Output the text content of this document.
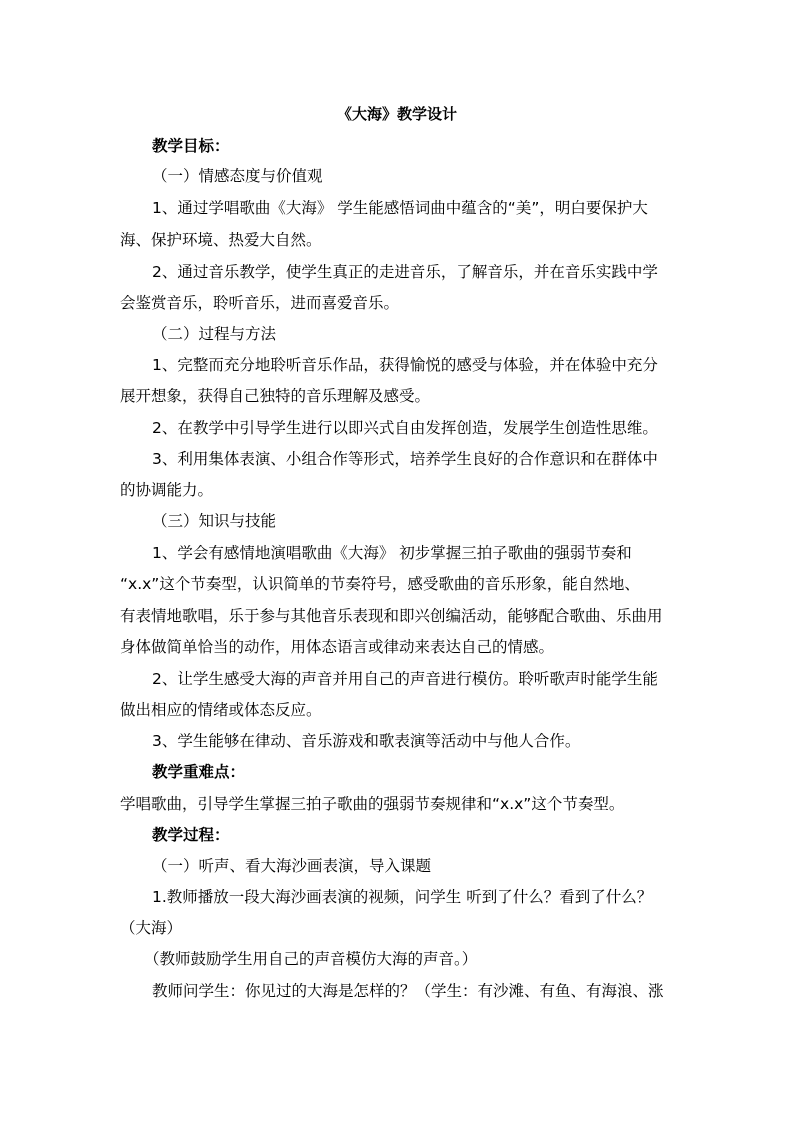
《大海》教学设计

教学目标：

（一）情感态度与价值观

1、通过学唱歌曲《大海》 学生能感悟词曲中蕴含的“美”，明白要保护大

海、保护环境、热爱大自然。

2、通过音乐教学，使学生真正的走进音乐，了解音乐，并在音乐实践中学

会鉴赏音乐，聆听音乐，进而喜爱音乐。

（二）过程与方法

1、完整而充分地聆听音乐作品，获得愉悦的感受与体验，并在体验中充分

展开想象，获得自己独特的音乐理解及感受。

2、在教学中引导学生进行以即兴式自由发挥创造，发展学生创造性思维。

3、利用集体表演、小组合作等形式，培养学生良好的合作意识和在群体中

的协调能力。

（三）知识与技能

1、学会有感情地演唱歌曲《大海》 初步掌握三拍子歌曲的强弱节奏和

“x.x”这个节奏型，认识简单的节奏符号，感受歌曲的音乐形象，能自然地、

有表情地歌唱，乐于参与其他音乐表现和即兴创编活动，能够配合歌曲、乐曲用

身体做简单恰当的动作，用体态语言或律动来表达自己的情感。

2、让学生感受大海的声音并用自己的声音进行模仿。聆听歌声时能学生能

做出相应的情绪或体态反应。

3、学生能够在律动、音乐游戏和歌表演等活动中与他人合作。

教学重难点：

学唱歌曲，引导学生掌握三拍子歌曲的强弱节奏规律和“x.x”这个节奏型。

教学过程：

（一）听声、看大海沙画表演，导入课题

1.教师播放一段大海沙画表演的视频，问学生 听到了什么？看到了什么？

（大海）

（教师鼓励学生用自己的声音模仿大海的声音。）

教师问学生：你见过的大海是怎样的？（学生：有沙滩、有鱼、有海浪、涨
